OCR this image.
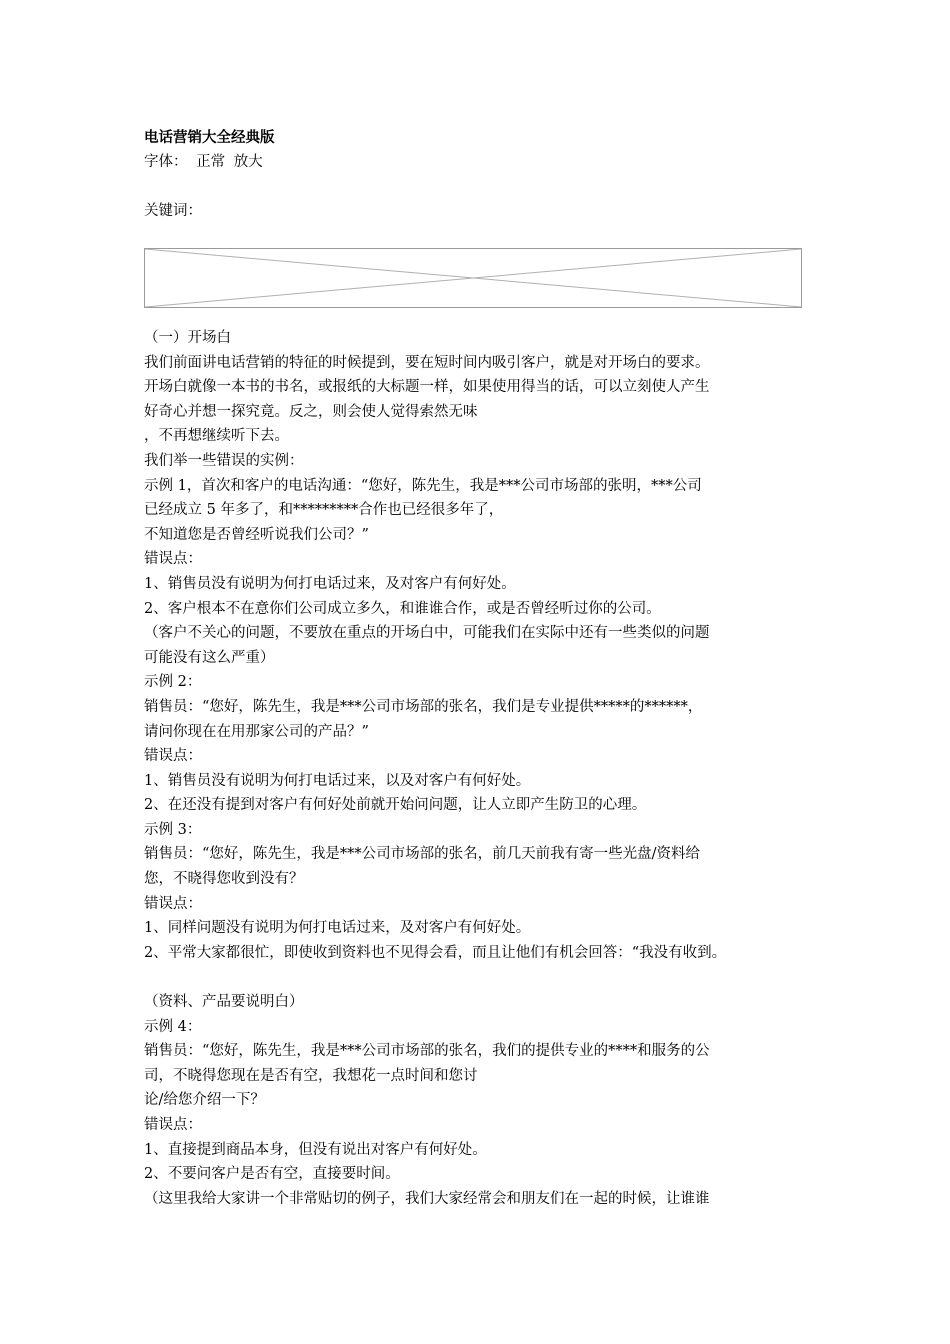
电话营销大全经典版
字体： 正常 放大
关键词：
（一）开场白
我们前面讲电话营销的特征的时候提到，要在短时间内吸引客户，就是对开场白的要求。
开场白就像一本书的书名，或报纸的大标题一样，如果使用得当的话，可以立刻使人产生
好奇心并想一探究竟。反之，则会使人觉得索然无味
，不再想继续听下去。
我们举一些错误的实例：
示例 1，首次和客户的电话沟通：“您好，陈先生，我是***公司市场部的张明，***公司
已经成立 5 年多了，和*********合作也已经很多年了，
不知道您是否曾经听说我们公司？”
错误点：
1、销售员没有说明为何打电话过来，及对客户有何好处。
2、客户根本不在意你们公司成立多久，和谁谁合作，或是否曾经听过你的公司。
（客户不关心的问题，不要放在重点的开场白中，可能我们在实际中还有一些类似的问题
可能没有这么严重）
示例 2：
销售员：“您好，陈先生，我是***公司市场部的张名，我们是专业提供*****的******，
请问你现在在用那家公司的产品？”
错误点：
1、销售员没有说明为何打电话过来，以及对客户有何好处。
2、在还没有提到对客户有何好处前就开始问问题，让人立即产生防卫的心理。
示例 3：
销售员：“您好，陈先生，我是***公司市场部的张名，前几天前我有寄一些光盘/资料给
您，不晓得您收到没有？
错误点：
1、同样问题没有说明为何打电话过来，及对客户有何好处。
2、平常大家都很忙，即使收到资料也不见得会看，而且让他们有机会回答：“我没有收到。
（资料、产品要说明白）
示例 4：
销售员：“您好，陈先生，我是***公司市场部的张名，我们的提供专业的****和服务的公
司，不晓得您现在是否有空，我想花一点时间和您讨
论/给您介绍一下？
错误点：
1、直接提到商品本身，但没有说出对客户有何好处。
2、不要问客户是否有空，直接要时间。
（这里我给大家讲一个非常贴切的例子，我们大家经常会和朋友们在一起的时候，让谁谁
